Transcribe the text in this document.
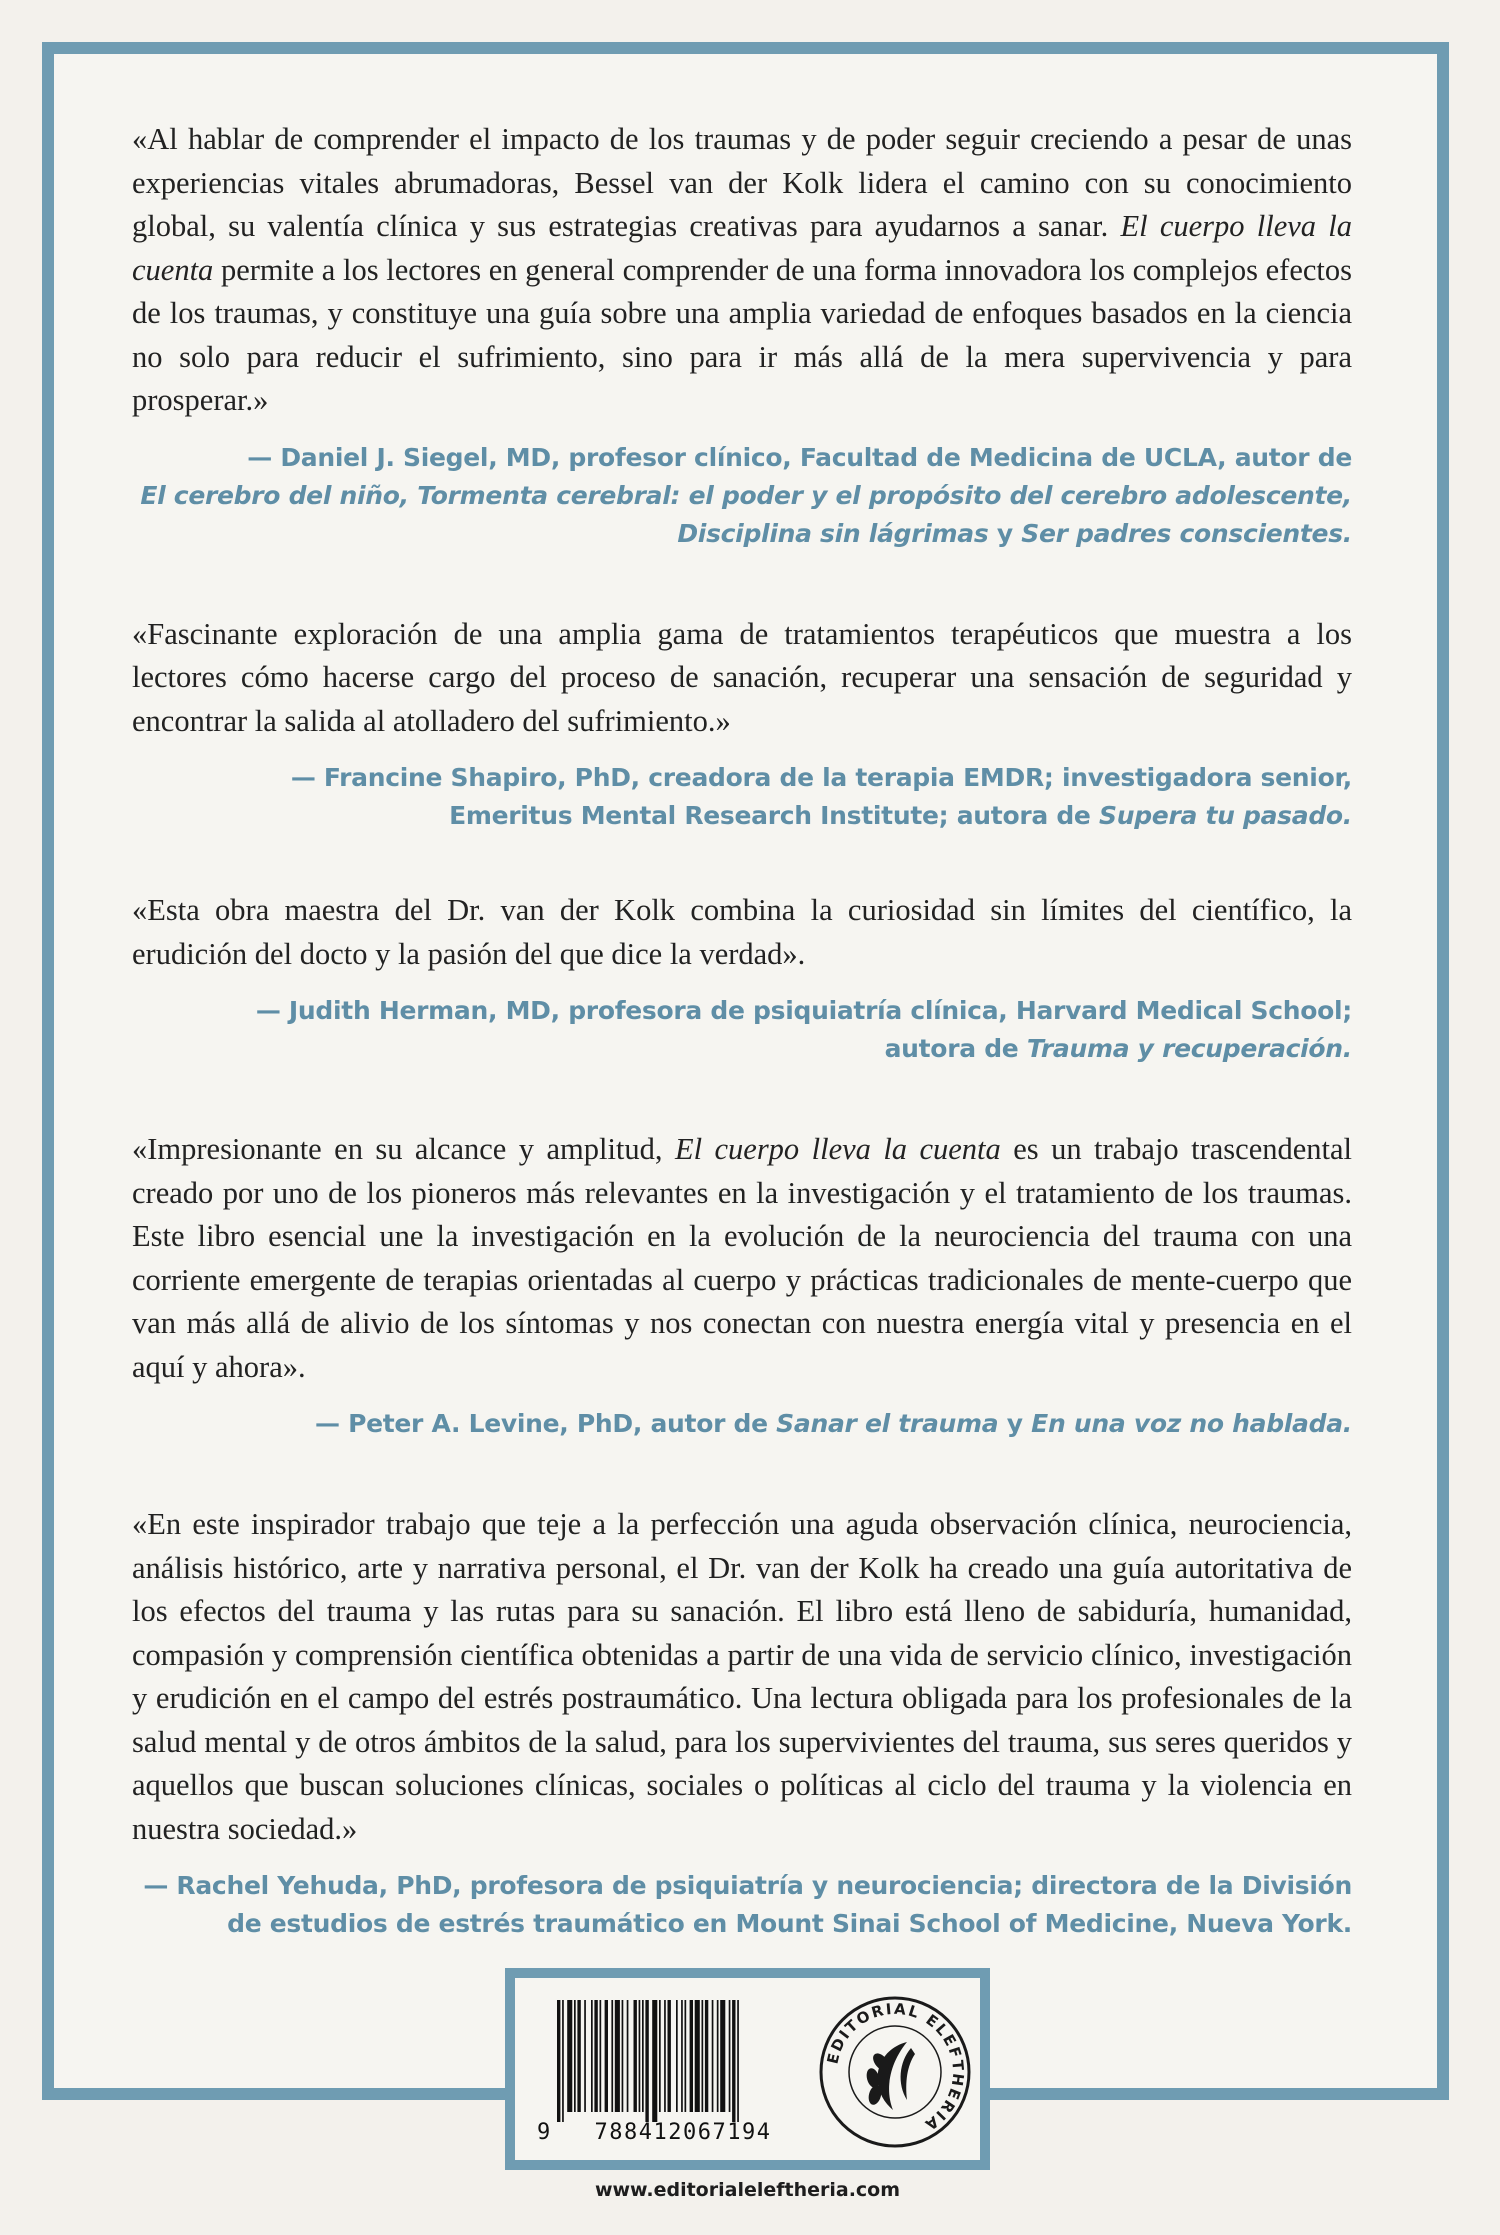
«Al hablar de comprender el impacto de los traumas y de poder seguir creciendo a pesar de unas experiencias vitales abrumadoras, Bessel van der Kolk lidera el camino con su conocimiento global, su valentía clínica y sus estrategias creativas para ayudarnos a sanar. El cuerpo lleva la cuenta permite a los lectores en general comprender de una forma innovadora los complejos efectos de los traumas, y constituye una guía sobre una amplia variedad de enfoques basados en la ciencia no solo para reducir el sufrimiento, sino para ir más allá de la mera supervivencia y para prosperar.»

— Daniel J. Siegel, MD, profesor clínico, Facultad de Medicina de UCLA, autor de
El cerebro del niño, Tormenta cerebral: el poder y el propósito del cerebro adolescente,
Disciplina sin lágrimas y Ser padres conscientes.

«Fascinante exploración de una amplia gama de tratamientos terapéuticos que muestra a los lectores cómo hacerse cargo del proceso de sanación, recuperar una sensación de seguridad y encontrar la salida al atolladero del sufrimiento.»

— Francine Shapiro, PhD, creadora de la terapia EMDR; investigadora senior,
Emeritus Mental Research Institute; autora de Supera tu pasado.

«Esta obra maestra del Dr. van der Kolk combina la curiosidad sin límites del científico, la erudición del docto y la pasión del que dice la verdad».

— Judith Herman, MD, profesora de psiquiatría clínica, Harvard Medical School;
autora de Trauma y recuperación.

«Impresionante en su alcance y amplitud, El cuerpo lleva la cuenta es un trabajo trascendental creado por uno de los pioneros más relevantes en la investigación y el tratamiento de los traumas. Este libro esencial une la investigación en la evolución de la neurociencia del trauma con una corriente emergente de terapias orientadas al cuerpo y prácticas tradicionales de mente-cuerpo que van más allá de alivio de los síntomas y nos conectan con nuestra energía vital y presencia en el aquí y ahora».

— Peter A. Levine, PhD, autor de Sanar el trauma y En una voz no hablada.

«En este inspirador trabajo que teje a la perfección una aguda observación clínica, neurociencia, análisis histórico, arte y narrativa personal, el Dr. van der Kolk ha creado una guía autoritativa de los efectos del trauma y las rutas para su sanación. El libro está lleno de sabiduría, humanidad, compasión y comprensión científica obtenidas a partir de una vida de servicio clínico, investigación y erudición en el campo del estrés postraumático. Una lectura obligada para los profesionales de la salud mental y de otros ámbitos de la salud, para los supervivientes del trauma, sus seres queridos y aquellos que buscan soluciones clínicas, sociales o políticas al ciclo del trauma y la violencia en nuestra sociedad.»

— Rachel Yehuda, PhD, profesora de psiquiatría y neurociencia; directora de la División
de estudios de estrés traumático en Mount Sinai School of Medicine, Nueva York.
9	788412067194
EDITORIAL ELEFTHERIA
www.editorialeleftheria.com
